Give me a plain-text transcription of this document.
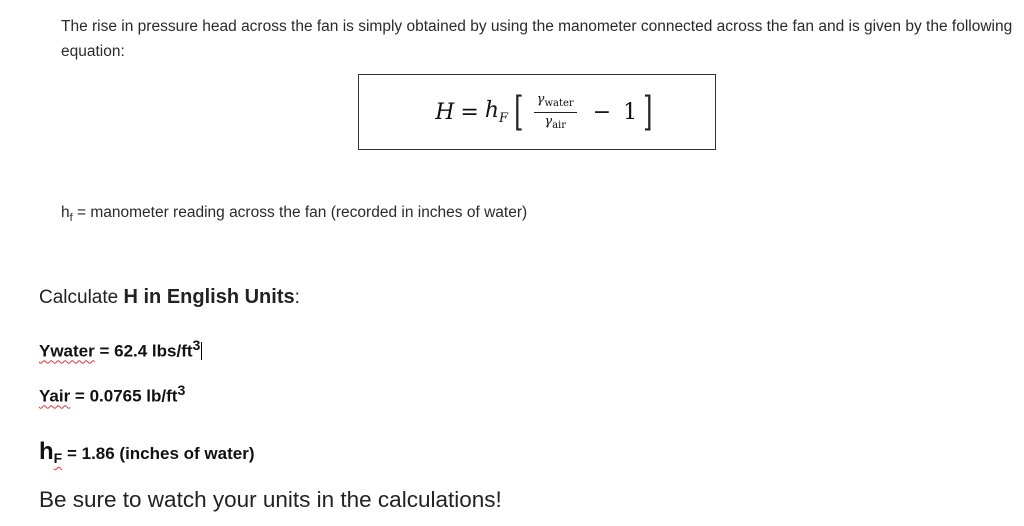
The rise in pressure head across the fan is simply obtained by using the manometer connected across the fan and is given by the following equation:
$H = h_F$ [ $\frac{\gamma_{water}}{\gamma_{air}} - 1$ ]
$h_f$ = manometer reading across the fan (recorded in inches of water)
Calculate H in English Units:
Ywater = 62.4 lbs/$ft^3$
Yair = 0.0765 $lb/ft^3$
$h_F = 1.86$ (inches of water)
Be sure to watch your units in the calculations!
